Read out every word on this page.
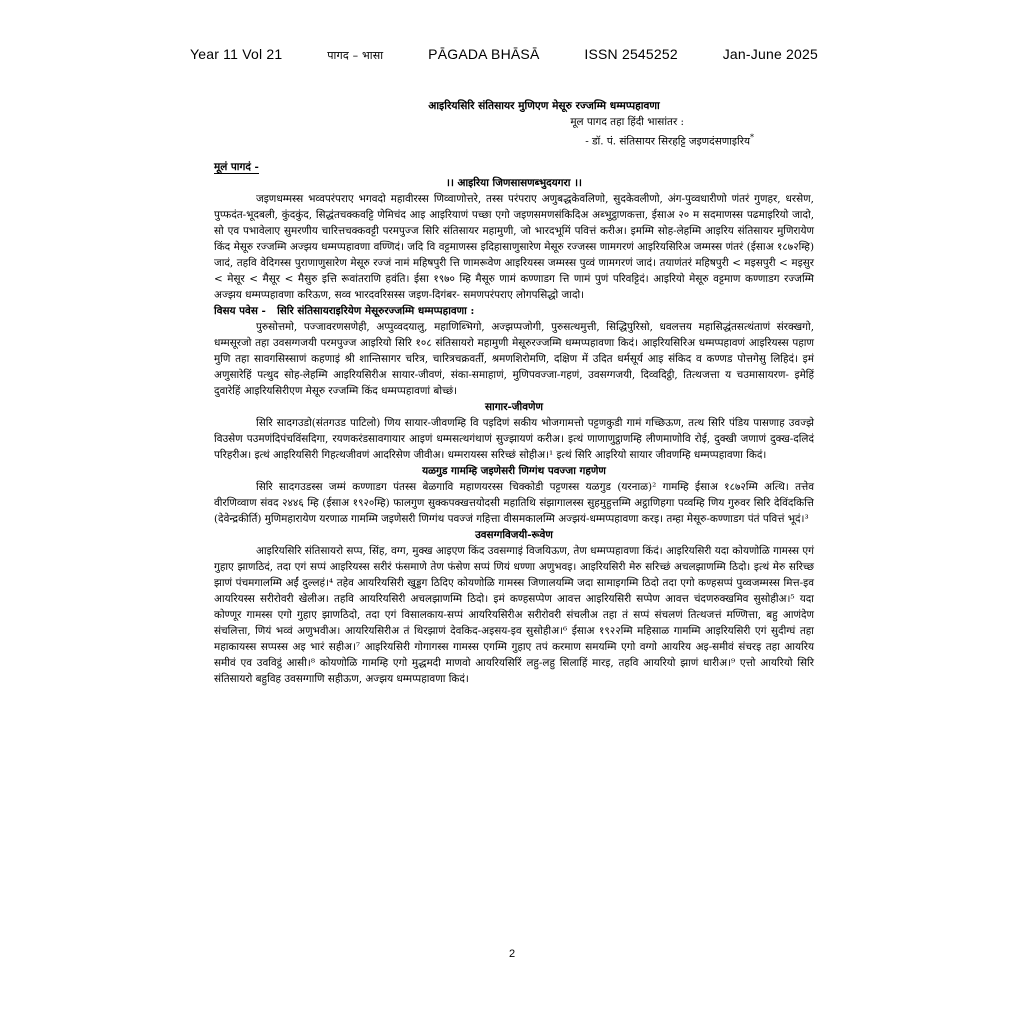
Year 11 Vol 21	पागद – भासा	PĀGADA BHĀSĀ	ISSN 2545252	Jan-June 2025
आइरियसिरि संतिसायर मुणिएण मेसूरु रज्जम्मि धम्मप्पहावणा
मूल पागद तहा हिंदी भासांतर :
- डॉ. पं. संतिसायर सिरहट्टि जइणदंसणाइरिय*
मूलं पागदं -
।। आइरिया जिणसासणब्भुदयगरा ।।

जइणधम्मस्स भव्वपरंपराए भगवदो महावीरस्स णिव्वाणोत्तरे, तस्स परंपराए अणुबद्धकेवलिणो, सुदकेवलीणो, अंग-पुव्वधारीणो णंतरं गुणहर, धरसेण, पुप्फदंत-भूदबली, कुंदकुंद, सिद्धंतचक्कवट्टि णेमिचंद आइ आइरियाणं पच्छा एगो जइणसमणसंकिदिअ अब्भुट्ठाणकत्ता, ईसाअ २० म सदमाणस्स पढमाइरियो जादो, सो एव पभावेलाए सुमरणीय चारित्तचक्कवट्टी परमपुज्ज सिरि संतिसायर महामुणी, जो भारदभूमिं पवित्तं करीअ। इमम्मि सोह-लेहम्मि आइरिय संतिसायर मुणिरायेण किंद मेसूरु रज्जम्मि अज्झय धम्मप्पहावणा वण्णिदं। जदि वि वट्टमाणस्स इदिहासाणुसारेण मेसूरु रज्जस्स णामगरणं आइरियसिरिअ जम्मस्स णंतरं (ईसाअ १८७२म्हि) जादं, तहवि वेदिगस्स पुराणाणुसारेण मेसूरु रज्जं नामं महिषपुरी त्ति णामरूवेण आइरियस्स जम्मस्स पुव्वं णामगरणं जादं। तयाणंतरं महिषपुरी < मइसपुरी < मइसुर < मेसूर < मैसूर < मैसुरु इत्ति रूवांतराणि हवंति। ईसा १९७० म्हि मैसूरु णामं कण्णाडग त्ति णामं पुणं परिवट्टिदं। आइरियो मेसूरु वट्टमाण कण्णाडग रज्जम्मि अज्झय धम्मप्पहावणा करिऊण, सव्व भारदवरिसस्स जइण-दिगंबर- समणपरंपराए लोगपसिद्धो जादो।

विसय पवेस - सिरि संतिसायराइरियेण मेसूरुरज्जम्मि धम्मप्पहावणा :

पुरुसोत्तमो, पज्जावरणसणेही, अप्पुव्वदयालु, महाणिब्भिगो, अज्झप्पजोगी, पुरुसत्थमुत्ती, सिद्धिपुरिसो, धवलत्तय महासिद्धंतसत्थंताणं संरक्खगो, धम्मसूरजो तहा उवसग्गजयी परमपुज्ज आइरियो सिरि १०८ संतिसायरो महामुणी मेसूरुरज्जम्मि धम्मप्पहावणा किदं। आइरियसिरिअ धम्मप्पहावणं आइरियस्स पहाण मुणि तहा सावगसिस्साणं कहणाइं श्री शान्तिसागर चरित्र, चारित्रचक्रवर्ती, श्रमणशिरोमणि, दक्षिण में उदित धर्मसूर्य आइ संकिद व कण्णड पोत्तगेसु लिहिदं। इमं अणुसारेहिं पत्थुद सोह-लेहम्मि आइरियसिरीअ सायार-जीवणं, संका-समाहाणं, मुणिपवज्जा-गहणं, उवसग्गजयी, दिव्वदिट्ठी, तित्थजत्ता य चउमासायरण- इमेहिं दुवारेहिं आइरियसिरीएण मेसूरु रज्जम्मि किंद धम्मप्पहावणां बोच्छं।

सागार-जीवणेण

सिरि सादगउडो(संतगउड पाटिलो) णिय सायार-जीवणम्हि वि पइदिणं सकीय भोजगामत्तो पट्टणकुडी गामं गच्छिऊण, तत्थ सिरि पंडिय पासणाह उवज्झे विउसेण पउमणंदिपंचविंसदिगा, रयणकरंडसावगायार आइणं धम्मसत्थगंथाणं सुज्झायणं करीअ। इत्थं णाणाणुट्ठाणम्हि लीणमाणोवि रोई, दुक्खी जणाणं दुक्ख-दलिदं परिहरीअ। इत्थं आइरियसिरी गिहत्थजीवणं आदरिसेण जीवीअ। धम्मरायस्स सरिच्छं सोहीअ।¹ इत्थं सिरि आइरियो सायार जीवणम्हि धम्मप्पहावणा किदं।

यळगुड गामम्हि जइणेसरी णिग्गंथ पवज्जा गहणेण

सिरि सादगउडस्स जम्मं कण्णाडग पंतस्स बेळगावि महाणयरस्स चिक्कोडी पट्टणस्स यळगुड (यरनाळ)² गामम्हि ईसाअ १८७२म्मि अत्थि। तत्तेव वीरणिव्वाण संवद २४४६ म्हि (ईसाअ १९२०म्हि) फालगुण सुक्कपक्खत्तयोदसी महातिथि संझागालस्स सुहमुहुत्तम्मि अट्ठाणिहगा पव्वम्हि णिय गुरुवर सिरि देविंदकित्ति (देवेन्द्रकीर्ति) मुणिमहारायेण यरणाळ गामम्मि जइणेसरी णिग्गंथ पवज्जं गहित्ता वीसमकालम्मि अज्झयं-धम्मप्पहावणा करइ। तम्हा मेसूरु-कण्णाडग पंतं पवित्तं भूदं।³

उवसग्गविजयी-रूवेण

आइरियसिरि संतिसायरो सप्प, सिंह, वग्ग, मुक्ख आइएण किंद उवसग्गाइं विजयिऊण, तेण धम्मप्पहावणा किंदं। आइरियसिरी यदा कोयणोळि गामस्स एगं गुहाए झाणठिदं, तदा एगं सप्पं आइरियस्स सरीरं फंसमाणे तेण फंसेण सप्पं णियं धण्णा अणुभवइ। आइरियसिरी मेरु सरिच्छं अचलझाणम्मि ठिदो। इत्थं मेरु सरिच्छ झाणं पंचमगालम्मि अईं दुल्लहं।⁴ तहेव आयरियसिरी खुड्डग ठिदिए कोयणोळि गामस्स जिणालयम्मि जदा सामाइगम्मि ठिदो तदा एगो कण्हसप्पं पुव्वजम्मस्स मित्त-इव आयरियस्स सरीरोवरी खेलीअ। तहवि आयरियसिरी अचलझाणम्मि ठिदो। इमं कण्हसप्पेण आवत्त आइरियसिरी सप्पेण आवत्त चंदणरुक्खमिव सुसोहीअ।⁵ यदा कोण्णूर गामस्स एगो गुहाए झाणठिदो, तदा एगं विसालकाय-सप्पं आयरियसिरीअ सरीरोवरी संचलीअ तहा तं सप्पं संचलणं तित्थजत्तं मण्णित्ता, बहु आणंदेण संचलित्ता, णियं भव्वं अणुभवीअ। आयरियसिरीअ तं थिरझाणं देवकिद-अइसय-इव सुसोहीअ।⁶ ईसाअ १९२२म्मि महिसाळ गामम्मि आइरियसिरी एगं सुदीग्घं तहा महाकायस्स सप्पस्स अइ भारं सहीअ।⁷ आइरियसिरी गोगागस्स गामस्स एगम्मि गुहाए तपं करमाण समयम्मि एगो वग्गो आयरिय अइ-समीवं संचरइ तहा आयरिय समीवं एव उवविट्ठं आसी।⁸ कोयणोळि गामम्हि एगो मुद्धमदी माणवो आयरियसिरिं लहु-लहु सिलाहिं मारइ, तहवि आयरियो झाणं धारीअ।⁹ एत्तो आयरियो सिरि संतिसायरो बहुविह उवसग्गाणि सहीऊण, अज्झय धम्मप्पहावणा किदं।

2
